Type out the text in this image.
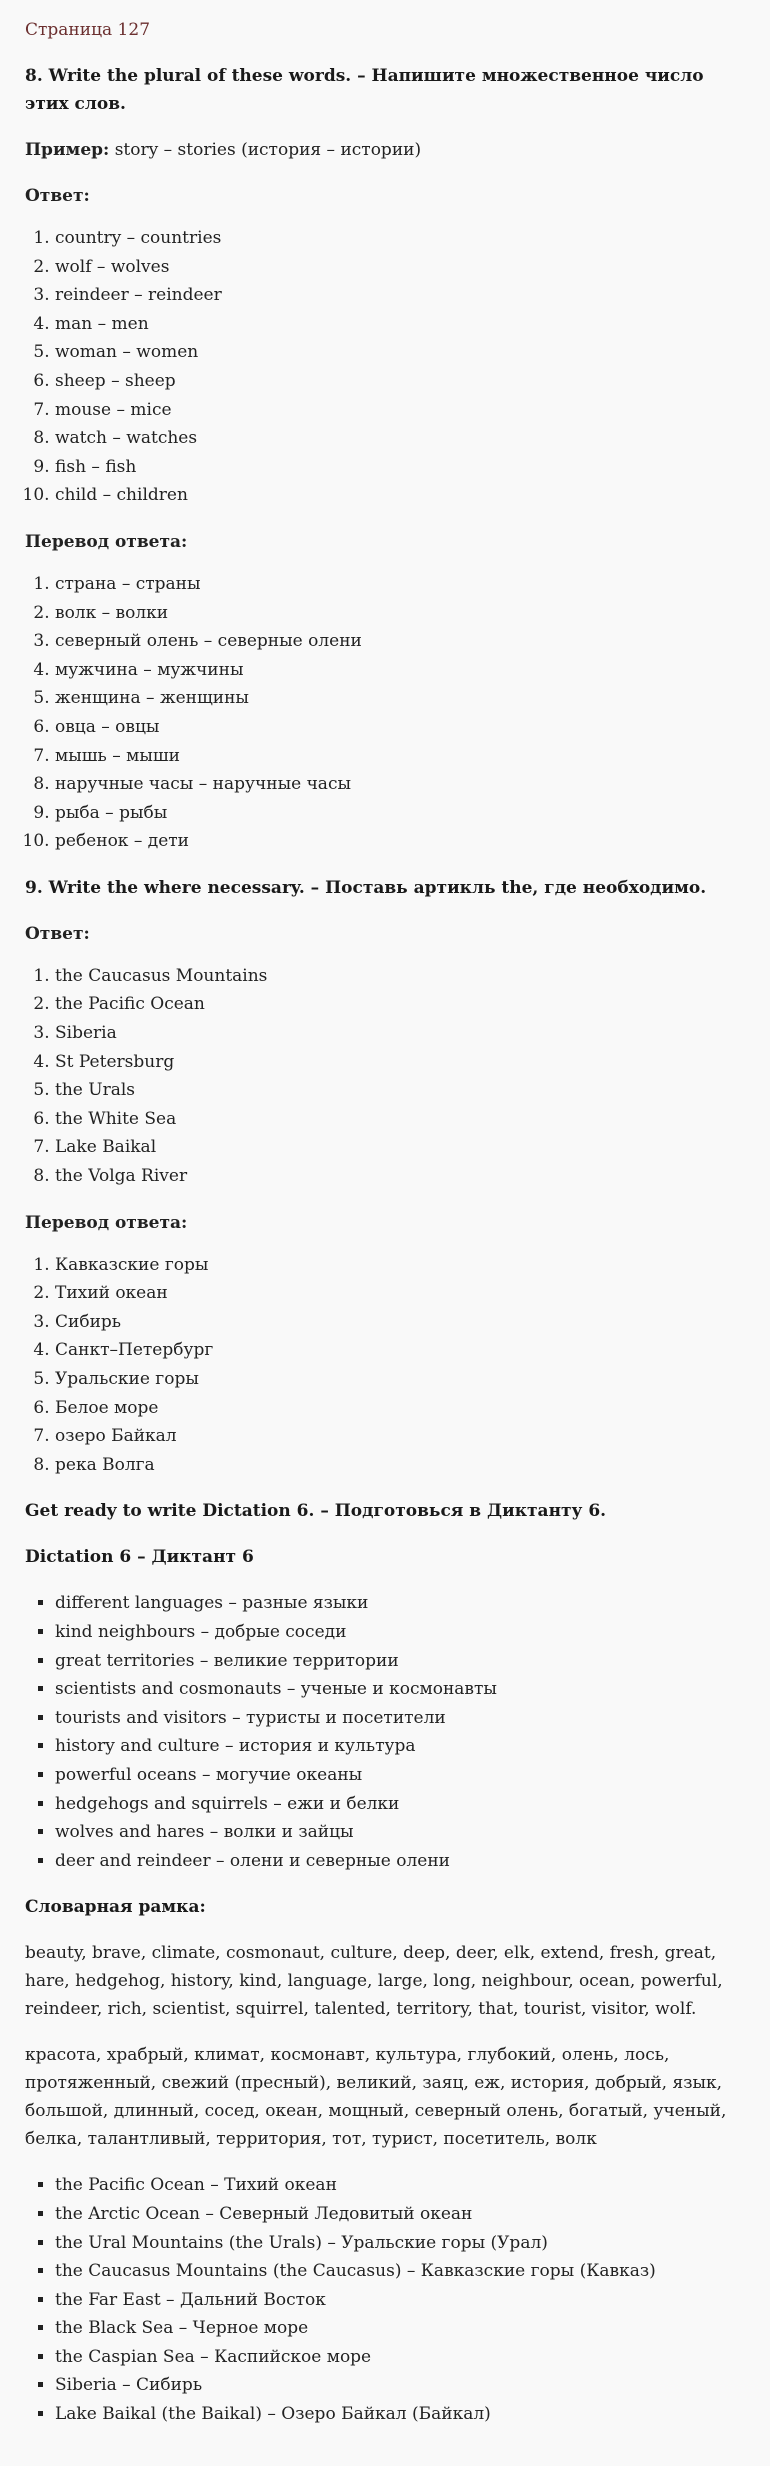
Страница 127
8. Write the plural of these words. – Напишите множественное число этих слов.

Пример: story – stories (история – истории)

Ответ:

1. country – countries
2. wolf – wolves
3. reindeer – reindeer
4. man – men
5. woman – women
6. sheep – sheep
7. mouse – mice
8. watch – watches
9. fish – fish
10. child – children

Перевод ответа:

1. страна – страны
2. волк – волки
3. северный олень – северные олени
4. мужчина – мужчины
5. женщина – женщины
6. овца – овцы
7. мышь – мыши
8. наручные часы – наручные часы
9. рыба – рыбы
10. ребенок – дети
9. Write the where necessary. – Поставь артикль the, где необходимо.

Ответ:

1. the Caucasus Mountains
2. the Pacific Ocean
3. Siberia
4. St Petersburg
5. the Urals
6. the White Sea
7. Lake Baikal
8. the Volga River

Перевод ответа:

1. Кавказские горы
2. Тихий океан
3. Сибирь
4. Санкт–Петербург
5. Уральские горы
6. Белое море
7. озеро Байкал
8. река Волга
Get ready to write Dictation 6. – Подготовься в Диктанту 6.
Dictation 6 – Диктант 6
▪ different languages – разные языки
▪ kind neighbours – добрые соседи
▪ great territories – великие территории
▪ scientists and cosmonauts – ученые и космонавты
▪ tourists and visitors – туристы и посетители
▪ history and culture – история и культура
▪ powerful oceans – могучие океаны
▪ hedgehogs and squirrels – ежи и белки
▪ wolves and hares – волки и зайцы
▪ deer and reindeer – олени и северные олени
Словарная рамка:

beauty, brave, climate, cosmonaut, culture, deep, deer, elk, extend, fresh, great, hare, hedgehog, history, kind, language, large, long, neighbour, ocean, powerful, reindeer, rich, scientist, squirrel, talented, territory, that, tourist, visitor, wolf.

красота, храбрый, климат, космонавт, культура, глубокий, олень, лось, протяженный, свежий (пресный), великий, заяц, еж, история, добрый, язык, большой, длинный, сосед, океан, мощный, северный олень, богатый, ученый, белка, талантливый, территория, тот, турист, посетитель, волк

▪ the Pacific Ocean – Тихий океан
▪ the Arctic Ocean – Северный Ледовитый океан
▪ the Ural Mountains (the Urals) – Уральские горы (Урал)
▪ the Caucasus Mountains (the Caucasus) – Кавказские горы (Кавказ)
▪ the Far East – Дальний Восток
▪ the Black Sea – Черное море
▪ the Caspian Sea – Каспийское море
▪ Siberia – Сибирь
▪ Lake Baikal (the Baikal) – Озеро Байкал (Байкал)
